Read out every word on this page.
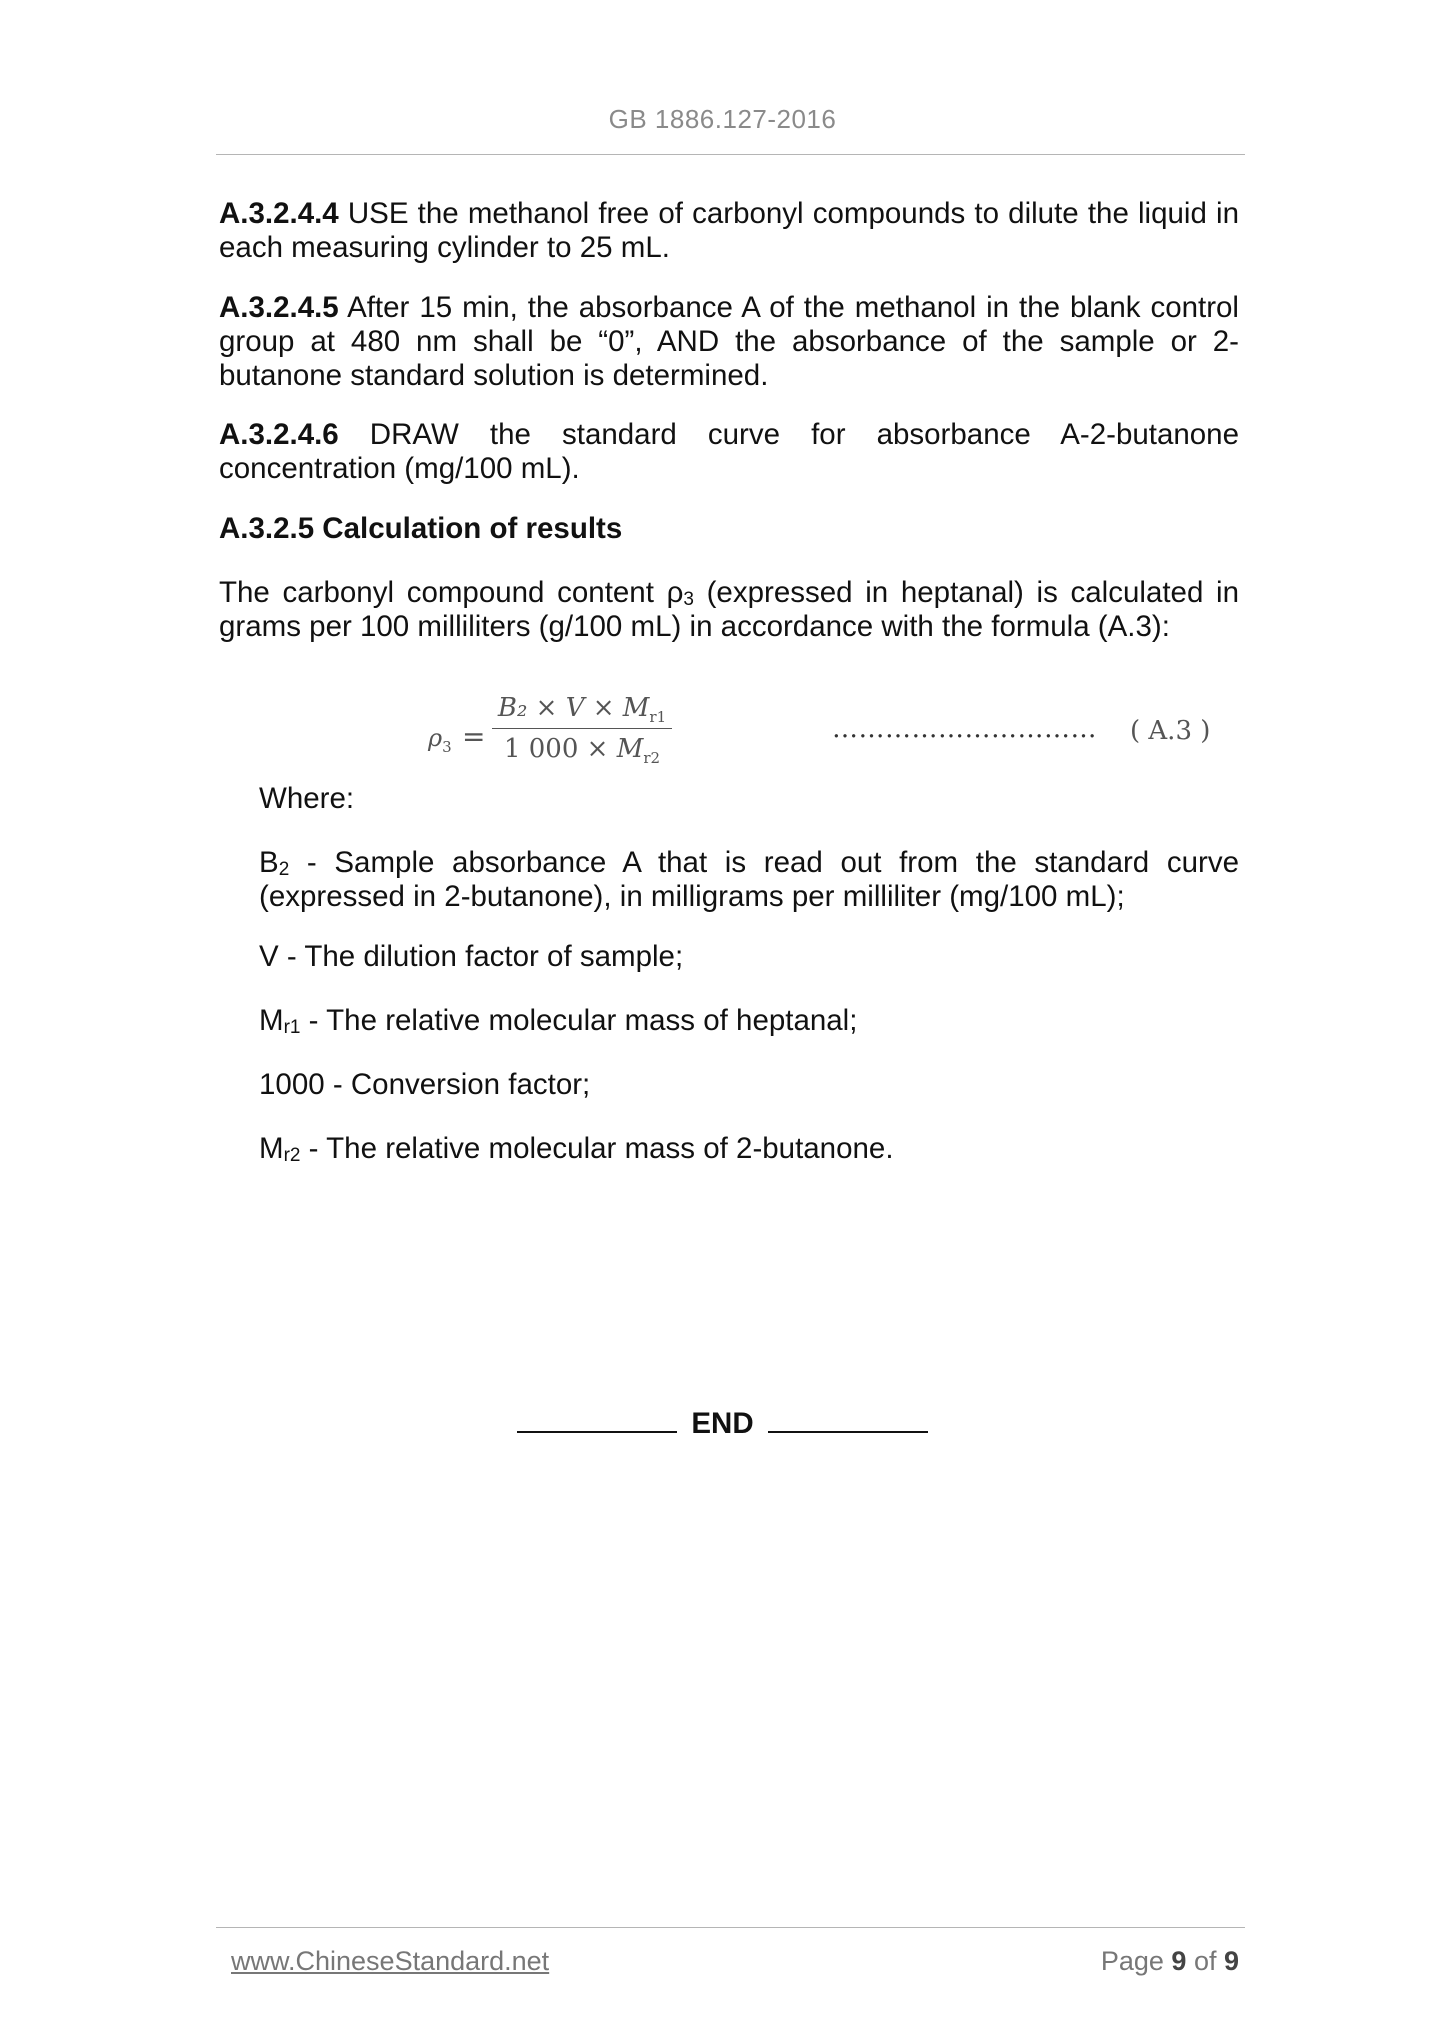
GB 1886.127-2016
A.3.2.4.4 USE the methanol free of carbonyl compounds to dilute the liquid in each measuring cylinder to 25 mL.
A.3.2.4.5 After 15 min, the absorbance A of the methanol in the blank control group at 480 nm shall be “0”, AND the absorbance of the sample or 2-butanone standard solution is determined.
A.3.2.4.6 DRAW the standard curve for absorbance A-2-butanone concentration (mg/100 mL).
A.3.2.5 Calculation of results
The carbonyl compound content $\rho_3$ (expressed in heptanal) is calculated in grams per 100 milliliters (g/100 mL) in accordance with the formula (A.3):
$\rho_3$ =
$B_2 \times V \times M_{r1}$
1 $000 \times M_{r2}$
………………………… ( A.3 )
Where:
$B_2$ - Sample absorbance A that is read out from the standard curve (expressed in 2-butanone), in milligrams per milliliter (mg/100 mL);
V - The dilution factor of sample;
$M_{r1}$ - The relative molecular mass of heptanal;
1000 - Conversion factor;
$M_{r2}$ - The relative molecular mass of 2-butanone.
END
www.ChineseStandard.net	Page 9 of 9
